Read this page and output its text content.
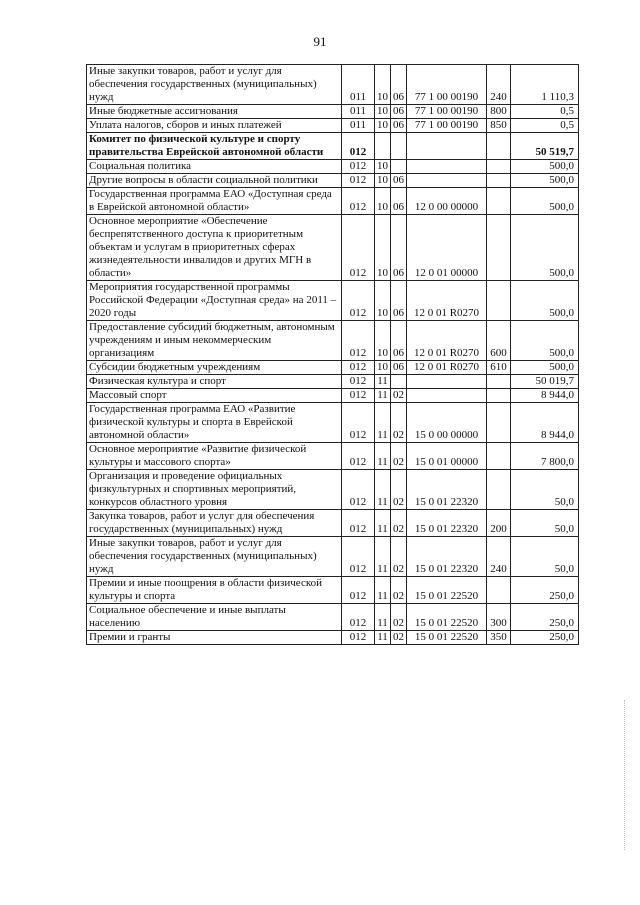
91
Иные закупки товаров, работ и услуг для обеспечения государственных (муниципальных) нужд	011	10	06	77 1 00 00190	240	1 110,3
Иные бюджетные ассигнования	011	10	06	77 1 00 00190	800	0,5
Уплата налогов, сборов и иных платежей	011	10	06	77 1 00 00190	850	0,5
Комитет по физической культуре и спорту правительства Еврейской автономной области	012					50 519,7
Социальная политика	012	10				500,0
Другие вопросы в области социальной политики	012	10	06			500,0
Государственная программа ЕАО «Доступная среда в Еврейской автономной области»	012	10	06	12 0 00 00000		500,0
Основное мероприятие «Обеспечение беспрепятственного доступа к приоритетным объектам и услугам в приоритетных сферах жизнедеятельности инвалидов и других МГН в области»	012	10	06	12 0 01 00000		500,0
Мероприятия государственной программы Российской Федерации «Доступная среда» на 2011 – 2020 годы	012	10	06	12 0 01 R0270		500,0
Предоставление субсидий бюджетным, автономным учреждениям и иным некоммерческим организациям	012	10	06	12 0 01 R0270	600	500,0
Субсидии бюджетным учреждениям	012	10	06	12 0 01 R0270	610	500,0
Физическая культура и спорт	012	11				50 019,7
Массовый спорт	012	11	02			8 944,0
Государственная программа ЕАО «Развитие физической культуры и спорта в Еврейской автономной области»	012	11	02	15 0 00 00000		8 944,0
Основное мероприятие «Развитие физической культуры и массового спорта»	012	11	02	15 0 01 00000		7 800,0
Организация и проведение официальных физкультурных и спортивных мероприятий, конкурсов областного уровня	012	11	02	15 0 01 22320		50,0
Закупка товаров, работ и услуг для обеспечения государственных (муниципальных) нужд	012	11	02	15 0 01 22320	200	50,0
Иные закупки товаров, работ и услуг для обеспечения государственных (муниципальных) нужд	012	11	02	15 0 01 22320	240	50,0
Премии и иные поощрения в области физической культуры и спорта	012	11	02	15 0 01 22520		250,0
Социальное обеспечение и иные выплаты населению	012	11	02	15 0 01 22520	300	250,0
Премии и гранты	012	11	02	15 0 01 22520	350	250,0
